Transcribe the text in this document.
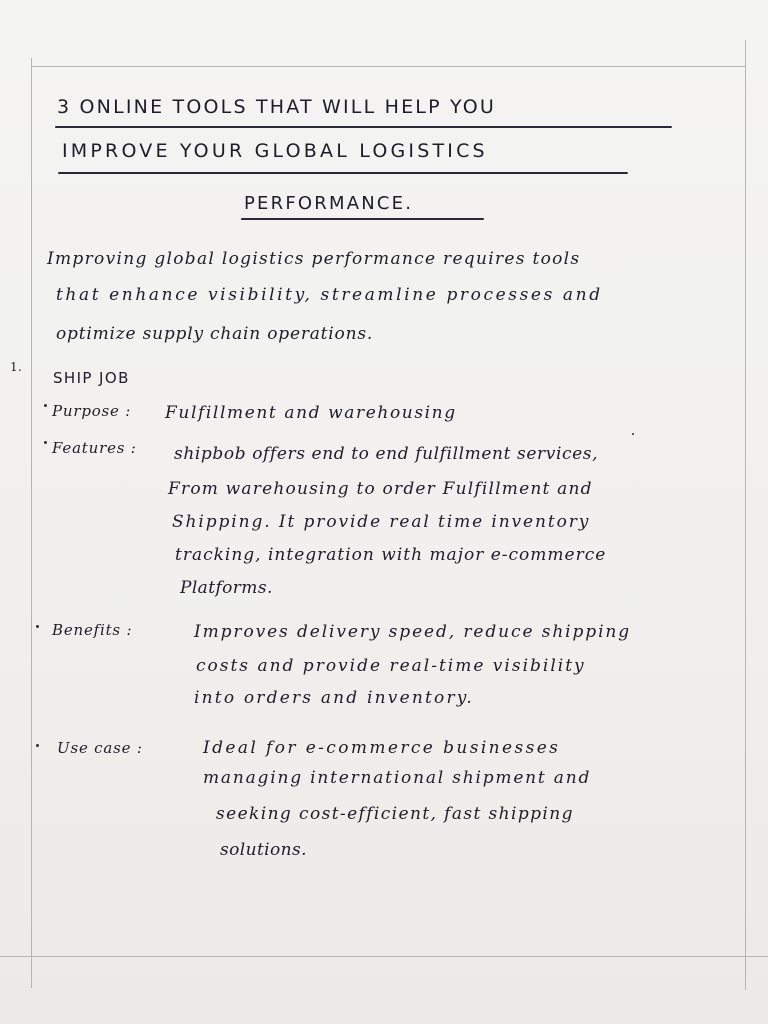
3 ONLINE TOOLS THAT WILL HELP YOU
IMPROVE YOUR GLOBAL LOGISTICS
PERFORMANCE.
Improving global logistics performance requires tools
that enhance visibility, streamline processes and
optimize supply chain operations.
1.
SHIP JOB
Purpose : Fulfillment and warehousing
Features : shipbob offers end to end fulfillment services,
From warehousing to order Fulfillment and
Shipping. It provide real time inventory
tracking, integration with major e-commerce
Platforms.
Benefits :	Improves delivery speed, reduce shipping
costs and provide real-time visibility
into orders and inventory.
Use case :	Ideal for e-commerce businesses
managing international shipment and
seeking cost-efficient, fast shipping
solutions.
